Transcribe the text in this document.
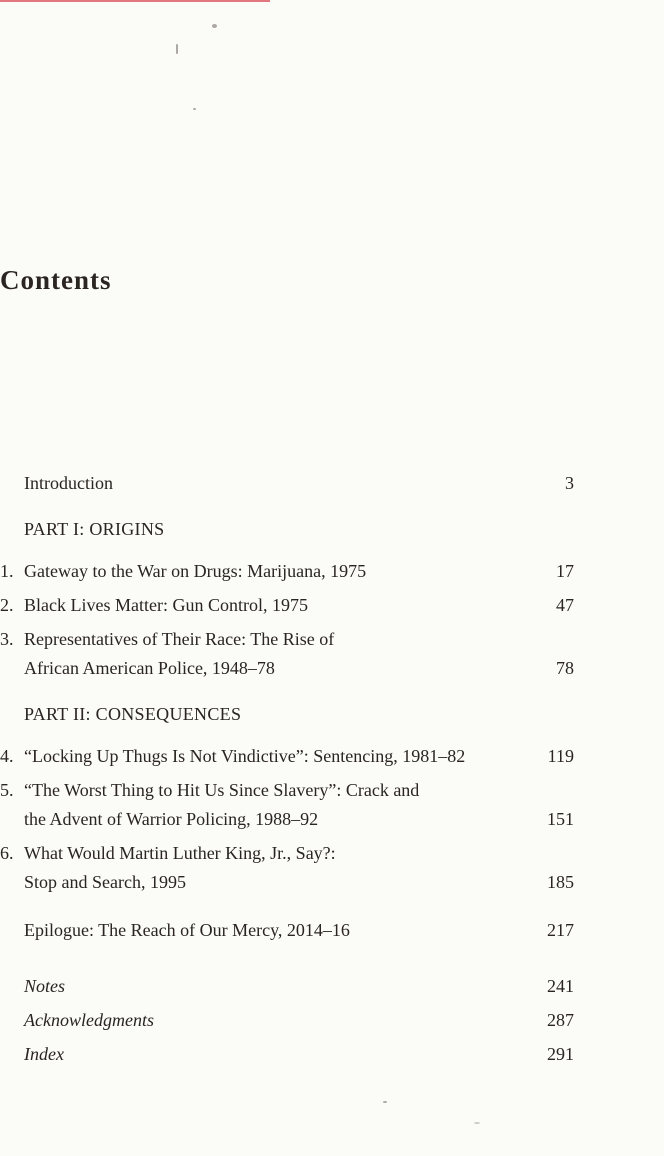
Contents
Introduction	3
PART I: ORIGINS
1. Gateway to the War on Drugs: Marijuana, 1975	17
2. Black Lives Matter: Gun Control, 1975	47
3. Representatives of Their Race: The Rise of
African American Police, 1948–78	78
PART II: CONSEQUENCES
4. “Locking Up Thugs Is Not Vindictive”: Sentencing, 1981–82	119
5. “The Worst Thing to Hit Us Since Slavery”: Crack and
the Advent of Warrior Policing, 1988–92	151
6. What Would Martin Luther King, Jr., Say?:
Stop and Search, 1995	185
Epilogue: The Reach of Our Mercy, 2014–16	217
Notes	241
Acknowledgments	287
Index	291
